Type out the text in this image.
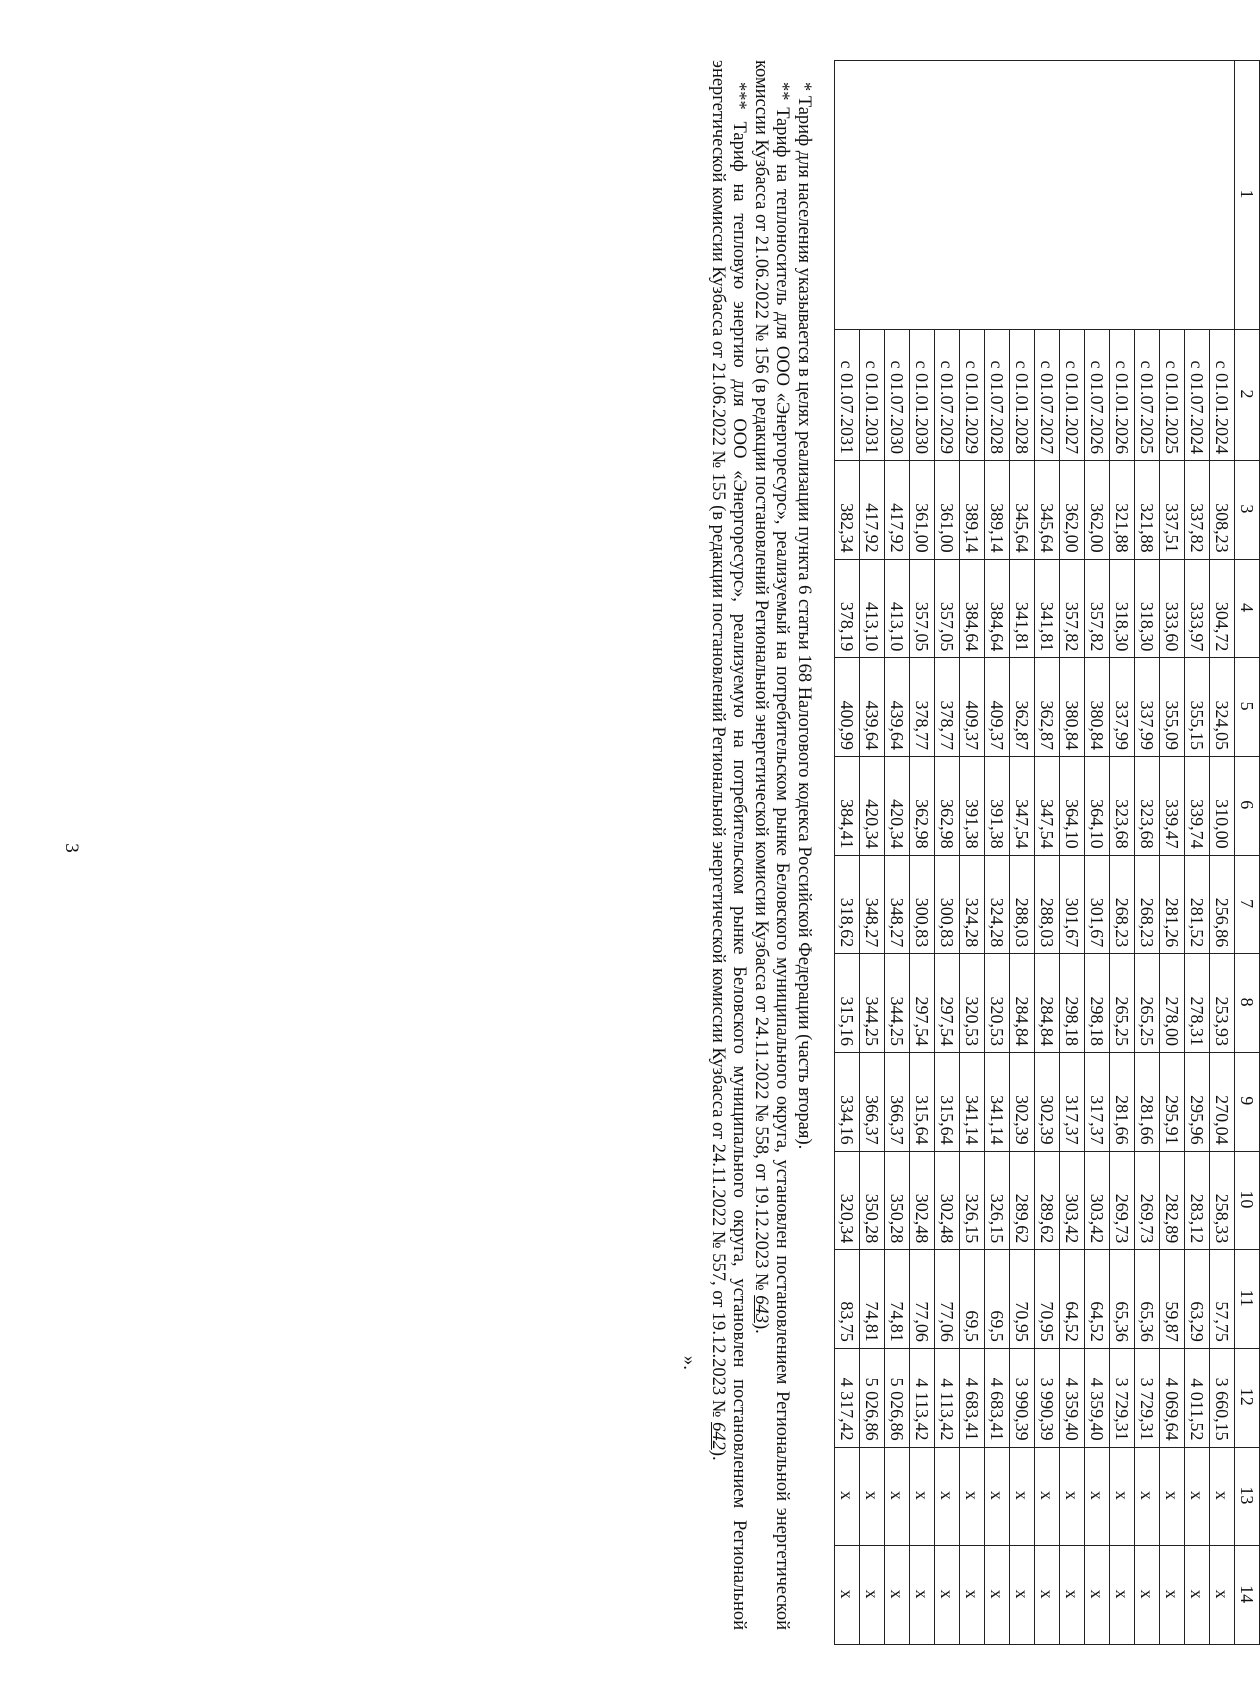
3
1	2	3	4	5	6	7	8	9	10	11	12	13	14
	с 01.01.2024	308,23	304,72	324,05	310,00	256,86	253,93	270,04	258,33	57,75	3 660,15	x	x
	с 01.07.2024	337,82	333,97	355,15	339,74	281,52	278,31	295,96	283,12	63,29	4 011,52	x	x
	с 01.01.2025	337,51	333,60	355,09	339,47	281,26	278,00	295,91	282,89	59,87	4 069,64	x	x
	с 01.07.2025	321,88	318,30	337,99	323,68	268,23	265,25	281,66	269,73	65,36	3 729,31	x	x
	с 01.01.2026	321,88	318,30	337,99	323,68	268,23	265,25	281,66	269,73	65,36	3 729,31	x	x
	с 01.07.2026	362,00	357,82	380,84	364,10	301,67	298,18	317,37	303,42	64,52	4 359,40	x	x
	с 01.01.2027	362,00	357,82	380,84	364,10	301,67	298,18	317,37	303,42	64,52	4 359,40	x	x
	с 01.07.2027	345,64	341,81	362,87	347,54	288,03	284,84	302,39	289,62	70,95	3 990,39	x	x
	с 01.01.2028	345,64	341,81	362,87	347,54	288,03	284,84	302,39	289,62	70,95	3 990,39	x	x
	с 01.07.2028	389,14	384,64	409,37	391,38	324,28	320,53	341,14	326,15	69,5	4 683,41	x	x
	с 01.01.2029	389,14	384,64	409,37	391,38	324,28	320,53	341,14	326,15	69,5	4 683,41	x	x
	с 01.07.2029	361,00	357,05	378,77	362,98	300,83	297,54	315,64	302,48	77,06	4 113,42	x	x
	с 01.01.2030	361,00	357,05	378,77	362,98	300,83	297,54	315,64	302,48	77,06	4 113,42	x	x
	с 01.07.2030	417,92	413,10	439,64	420,34	348,27	344,25	366,37	350,28	74,81	5 026,86	x	x
	с 01.01.2031	417,92	413,10	439,64	420,34	348,27	344,25	366,37	350,28	74,81	5 026,86	x	x
	с 01.07.2031	382,34	378,19	400,99	384,41	318,62	315,16	334,16	320,34	83,75	4 317,42	x	x

* Тариф для населения указывается в целях реализации пункта 6 статьи 168 Налогового кодекса Российской Федерации (часть вторая).

** Тариф на теплоноситель для ООО «Энергоресурс», реализуемый на потребительском рынке Беловского муниципального округа, установлен постановлением Региональной энергетической комиссии Кузбасса от 21.06.2022 № 156 (в редакции постановлений Региональной энергетической комиссии Кузбасса от 24.11.2022 № 558, от 19.12.2023 № 643).

*** Тариф на тепловую энергию для ООО «Энергоресурс», реализуемую на потребительском рынке Беловского муниципального округа, установлен постановлением Региональной энергетической комиссии Кузбасса от 21.06.2022 № 155 (в редакции постановлений Региональной энергетической комиссии Кузбасса от 24.11.2022 № 557, от 19.12.2023 № 642).

».
